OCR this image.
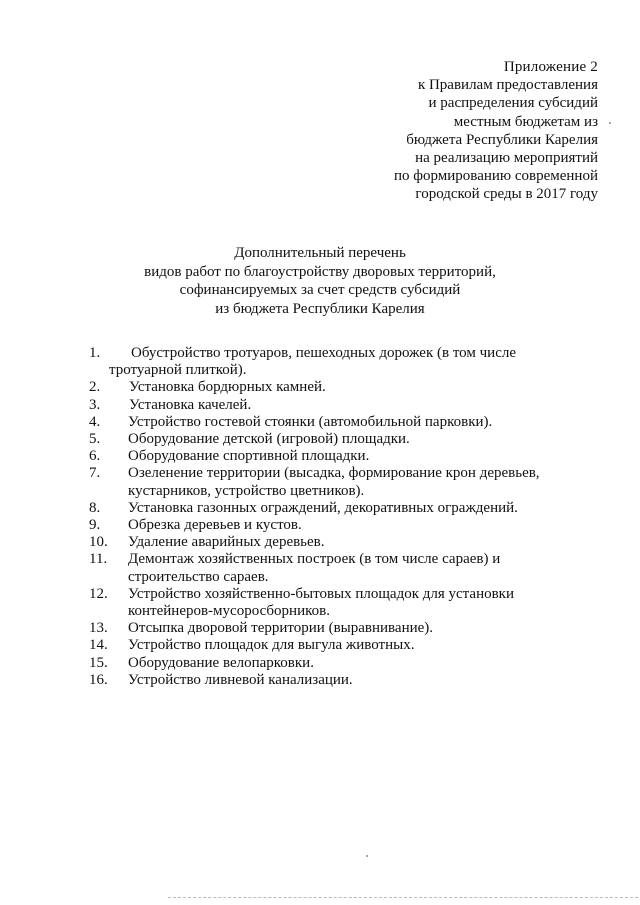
Приложение 2
к Правилам предоставления
и распределения субсидий
местным бюджетам из
бюджета Республики Карелия
на реализацию мероприятий
по формированию современной
городской среды в 2017 году
Дополнительный перечень
видов работ по благоустройству дворовых территорий,
софинансируемых за счет средств субсидий
из бюджета Республики Карелия
1.	Обустройство тротуаров, пешеходных дорожек (в том числе
тротуарной плиткой).
2.	Установка бордюрных камней.
3.	Установка качелей.
4.	Устройство гостевой стоянки (автомобильной парковки).
5.	Оборудование детской (игровой) площадки.
6.	Оборудование спортивной площадки.
7.	Озеленение территории (высадка, формирование крон деревьев,
кустарников, устройство цветников).
8.	Установка газонных ограждений, декоративных ограждений.
9.	Обрезка деревьев и кустов.
10.	Удаление аварийных деревьев.
11.	Демонтаж хозяйственных построек (в том числе сараев) и
строительство сараев.
12.	Устройство хозяйственно-бытовых площадок для установки
контейнеров-мусоросборников.
13.	Отсыпка дворовой территории (выравнивание).
14.	Устройство площадок для выгула животных.
15.	Оборудование велопарковки.
16.	Устройство ливневой канализации.
